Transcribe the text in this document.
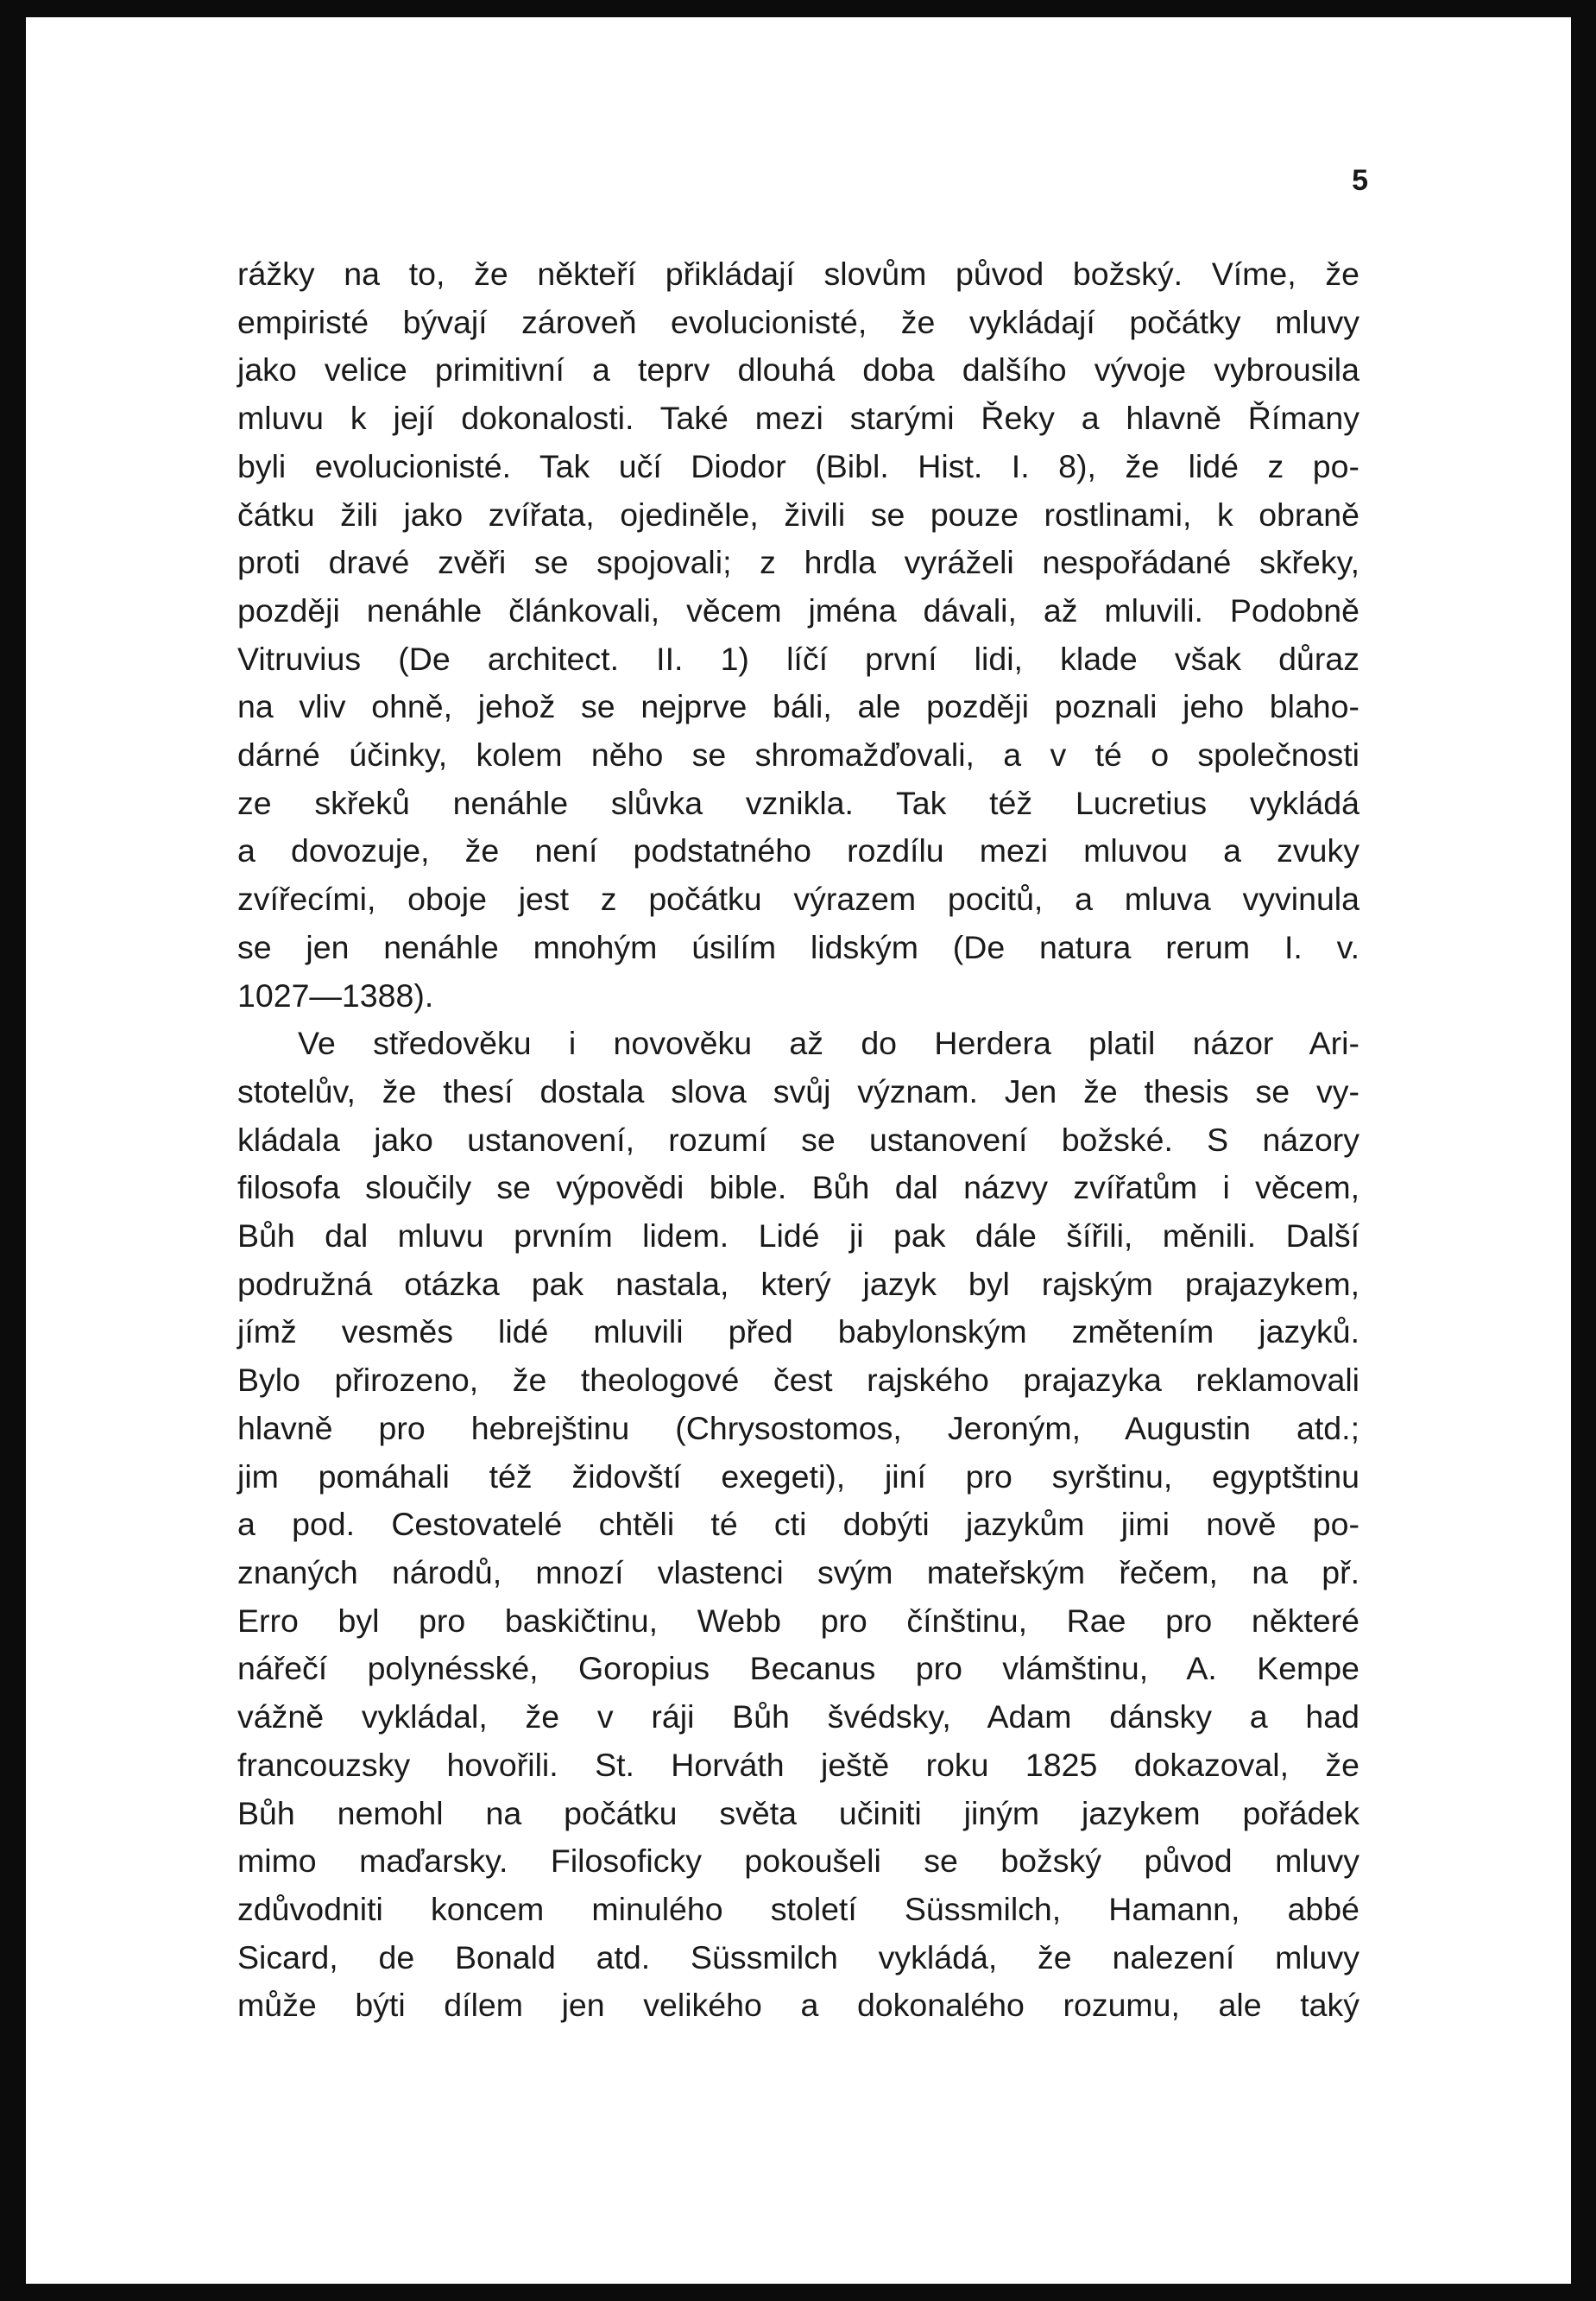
5
rážky na to, že někteří přikládají slovům původ božský. Víme, že
empiristé bývají zároveň evolucionisté, že vykládají počátky mluvy
jako velice primitivní a teprv dlouhá doba dalšího vývoje vybrousila
mluvu k její dokonalosti. Také mezi starými Řeky a hlavně Římany
byli evolucionisté. Tak učí Diodor (Bibl. Hist. I. 8), že lidé z po-
čátku žili jako zvířata, ojediněle, živili se pouze rostlinami, k obraně
proti dravé zvěři se spojovali; z hrdla vyráželi nespořádané skřeky,
později nenáhle článkovali, věcem jména dávali, až mluvili. Podobně
Vitruvius (De architect. II. 1) líčí první lidi, klade však důraz
na vliv ohně, jehož se nejprve báli, ale později poznali jeho blaho-
dárné účinky, kolem něho se shromažďovali, a v té o společnosti
ze skřeků nenáhle slůvka vznikla. Tak též Lucretius vykládá
a dovozuje, že není podstatného rozdílu mezi mluvou a zvuky
zvířecími, oboje jest z počátku výrazem pocitů, a mluva vyvinula
se jen nenáhle mnohým úsilím lidským (De natura rerum I. v.
1027—1388).
Ve středověku i novověku až do Herdera platil názor Ari-
stotelův, že thesí dostala slova svůj význam. Jen že thesis se vy-
kládala jako ustanovení, rozumí se ustanovení božské. S názory
filosofa sloučily se výpovědi bible. Bůh dal názvy zvířatům i věcem,
Bůh dal mluvu prvním lidem. Lidé ji pak dále šířili, měnili. Další
podružná otázka pak nastala, který jazyk byl rajským prajazykem,
jímž vesměs lidé mluvili před babylonským změtením jazyků.
Bylo přirozeno, že theologové čest rajského prajazyka reklamovali
hlavně pro hebrejštinu (Chrysostomos, Jeroným, Augustin atd.;
jim pomáhali též židovští exegeti), jiní pro syrštinu, egyptštinu
a pod. Cestovatelé chtěli té cti dobýti jazykům jimi nově po-
znaných národů, mnozí vlastenci svým mateřským řečem, na př.
Erro byl pro baskičtinu, Webb pro čínštinu, Rae pro některé
nářečí polynésské, Goropius Becanus pro vlámštinu, A. Kempe
vážně vykládal, že v ráji Bůh švédsky, Adam dánsky a had
francouzsky hovořili. St. Horváth ještě roku 1825 dokazoval, že
Bůh nemohl na počátku světa učiniti jiným jazykem pořádek
mimo maďarsky. Filosoficky pokoušeli se božský původ mluvy
zdůvodniti koncem minulého století Süssmilch, Hamann, abbé
Sicard, de Bonald atd. Süssmilch vykládá, že nalezení mluvy
může býti dílem jen velikého a dokonalého rozumu, ale taký
